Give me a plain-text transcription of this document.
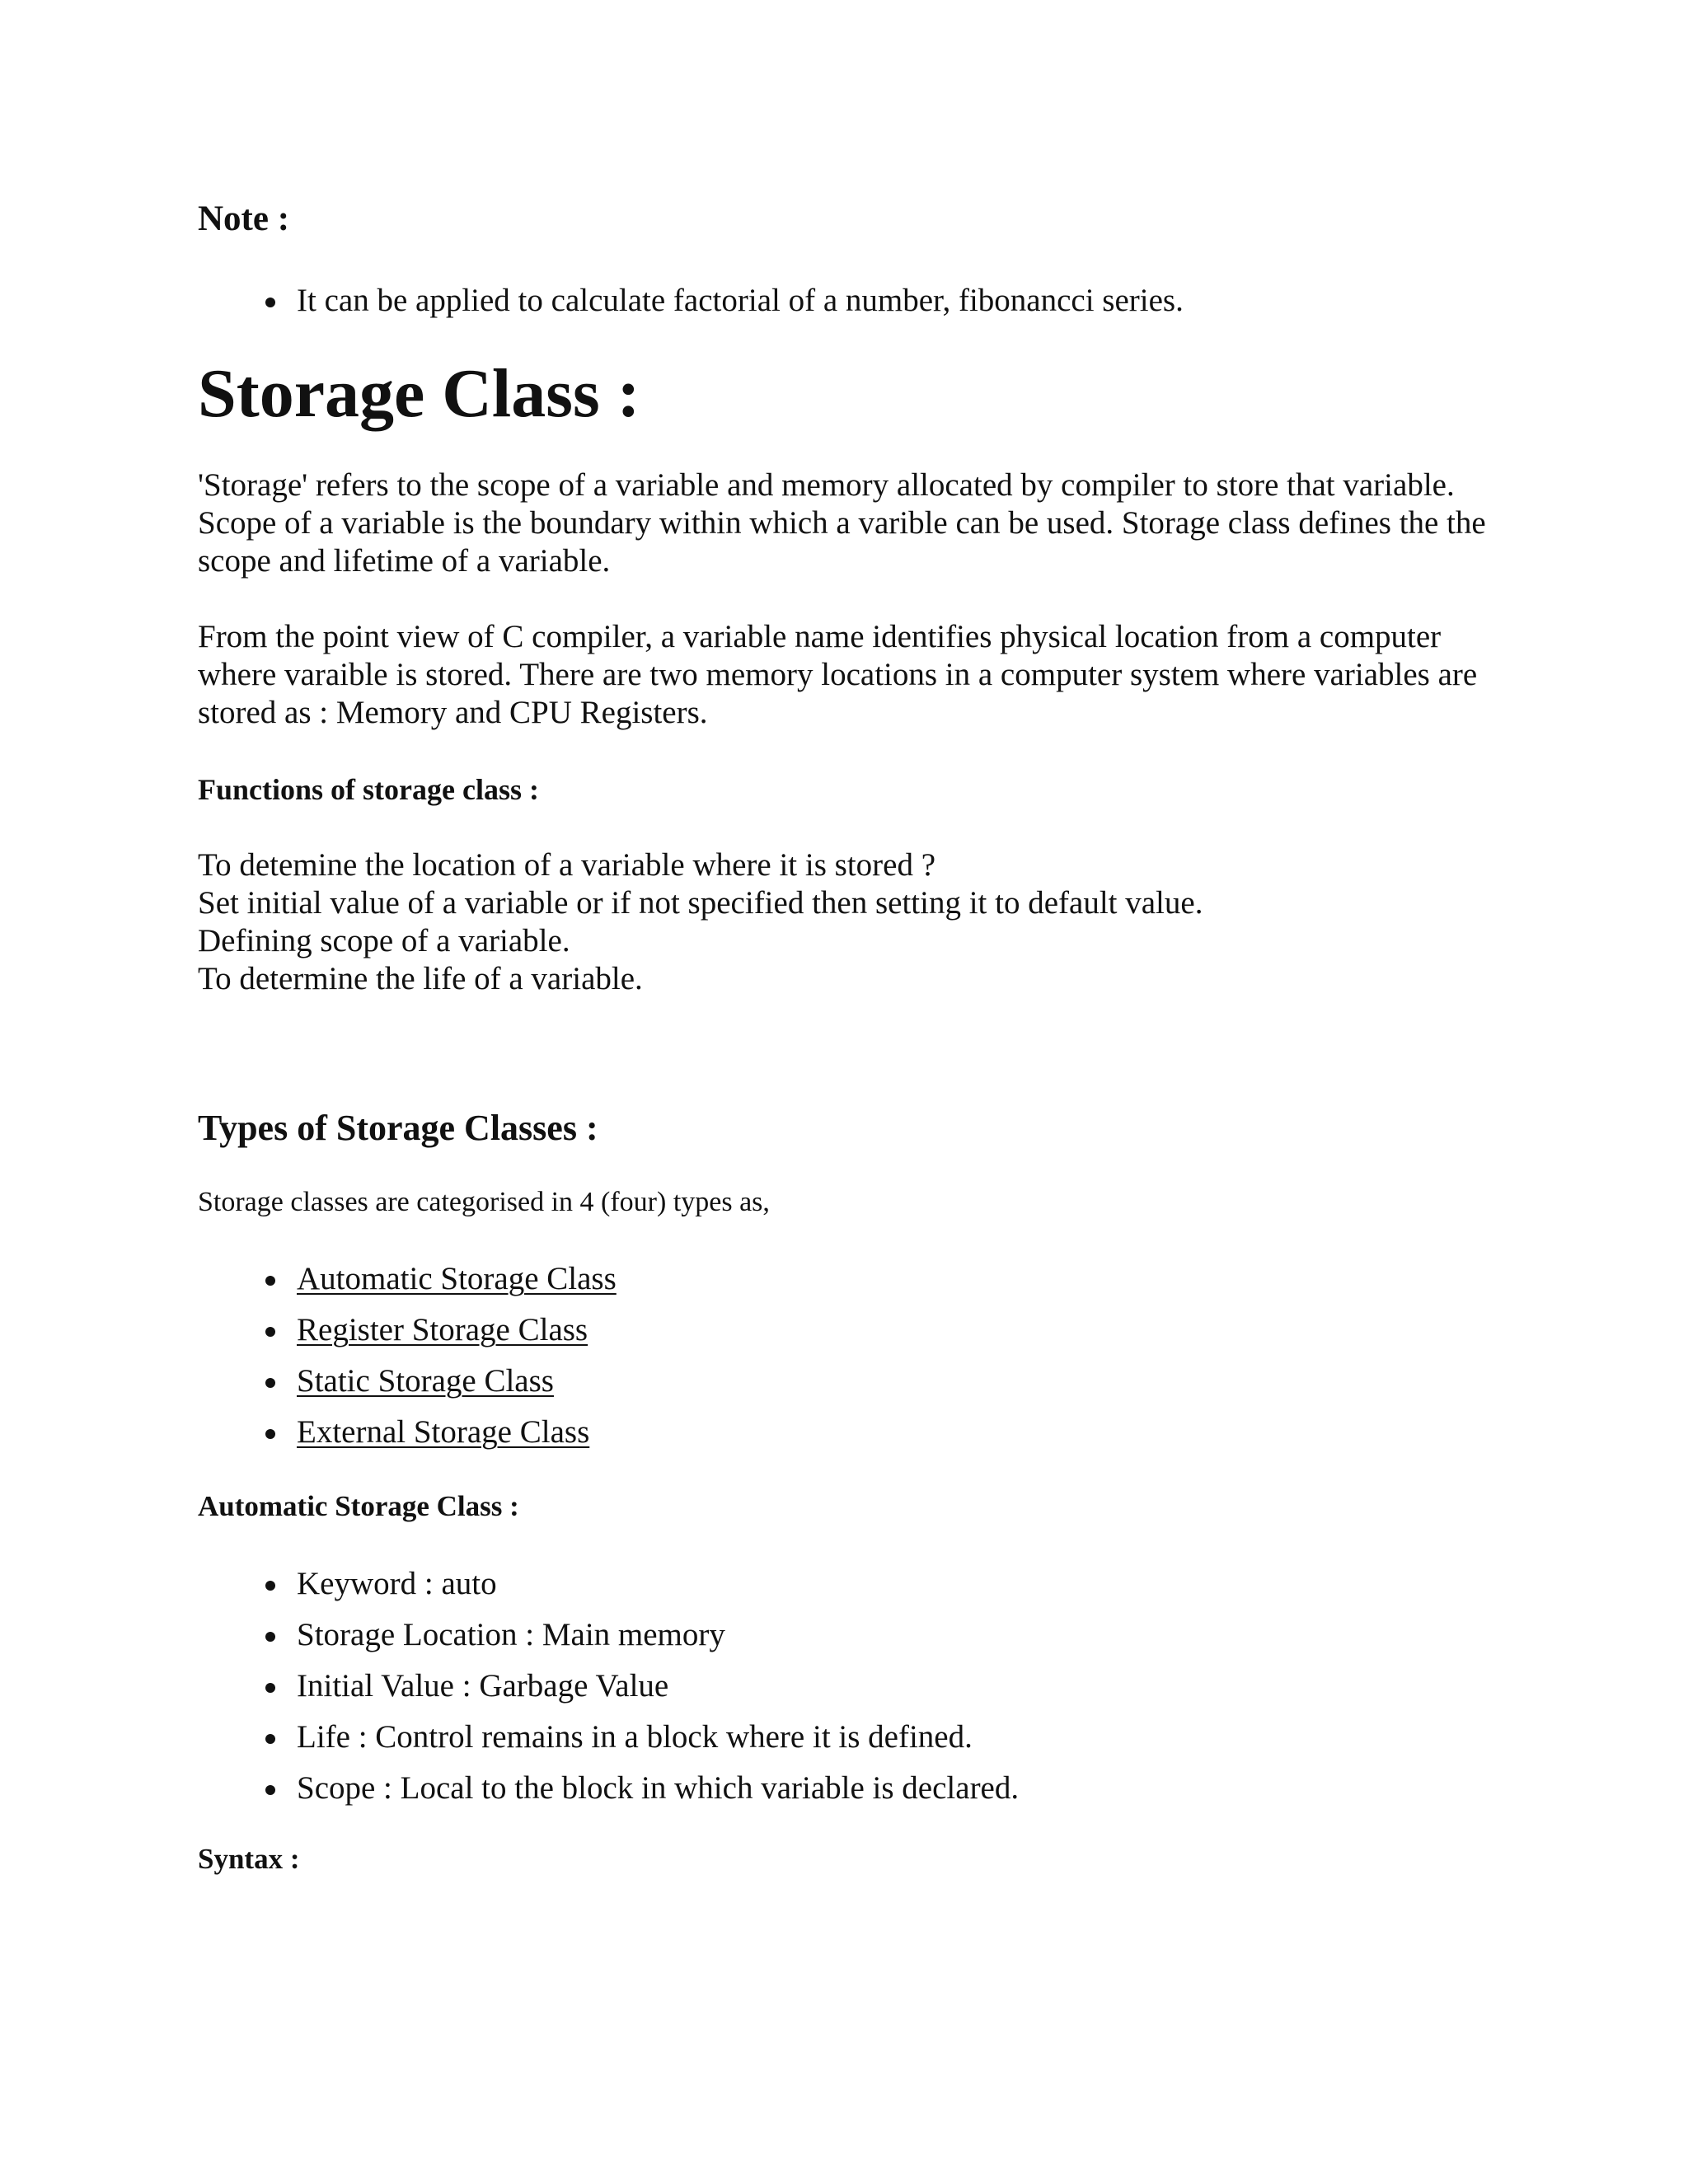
Note :
It can be applied to calculate factorial of a number, fibonancci series.
Storage Class :

'Storage' refers to the scope of a variable and memory allocated by compiler to store that variable. Scope of a variable is the boundary within which a varible can be used. Storage class defines the the scope and lifetime of a variable.

From the point view of C compiler, a variable name identifies physical location from a computer where varaible is stored. There are two memory locations in a computer system where variables are stored as : Memory and CPU Registers.

Functions of storage class :
To detemine the location of a variable where it is stored ?
Set initial value of a variable or if not specified then setting it to default value.
Defining scope of a variable.
To determine the life of a variable.
Types of Storage Classes :

Storage classes are categorised in 4 (four) types as,

Automatic Storage Class
Register Storage Class
Static Storage Class
External Storage Class
Automatic Storage Class :
Keyword : auto
Storage Location : Main memory
Initial Value : Garbage Value
Life : Control remains in a block where it is defined.
Scope : Local to the block in which variable is declared.
Syntax :
